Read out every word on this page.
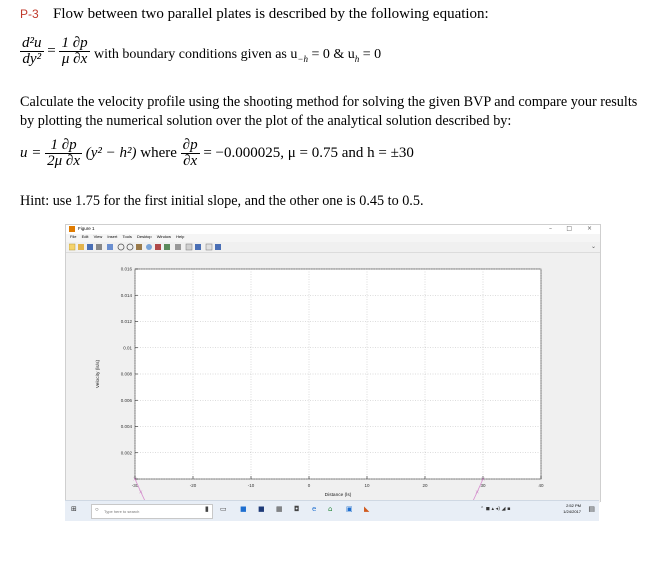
P-3 Flow between two parallel plates is described by the following equation:
$\frac{\text{d²u}}{\text{dy²}} = \frac{1 \partial p}{\mu \partial x}$ with boundary conditions given as $u_{-h} = 0$ & $u_h = 0$
Calculate the velocity profile using the shooting method for solving the given BVP and compare your results by plotting the numerical solution over the plot of the analytical solution described by:
$u = \frac{1 \partial p}{2\mu \partial x} (y^2 - h^2)$ where $\frac{\partial p}{\partial x} = -0.000025$, μ = 0.75 and h = ±30
Hint: use 1.75 for the first initial slope, and the other one is 0.45 to 0.5.
Figure 1	– □ ×
File Edit View Insert Tools Desktop Window Help
⌄
-30	-20	-10	0	10	20	30	40
0.002
0.004
0.006
0.008
0.01
0.012
0.014
0.016
Distance (ls)
Velocity (ls/s)
⊞	○ Type here to search	▮ ▭ ■ ■ ▦ ◘ e ⌂ ▣ ◣	⌃ ◼ ▴ ◂) ◢ ▪
2:52 PM
1/24/2017 ▤
